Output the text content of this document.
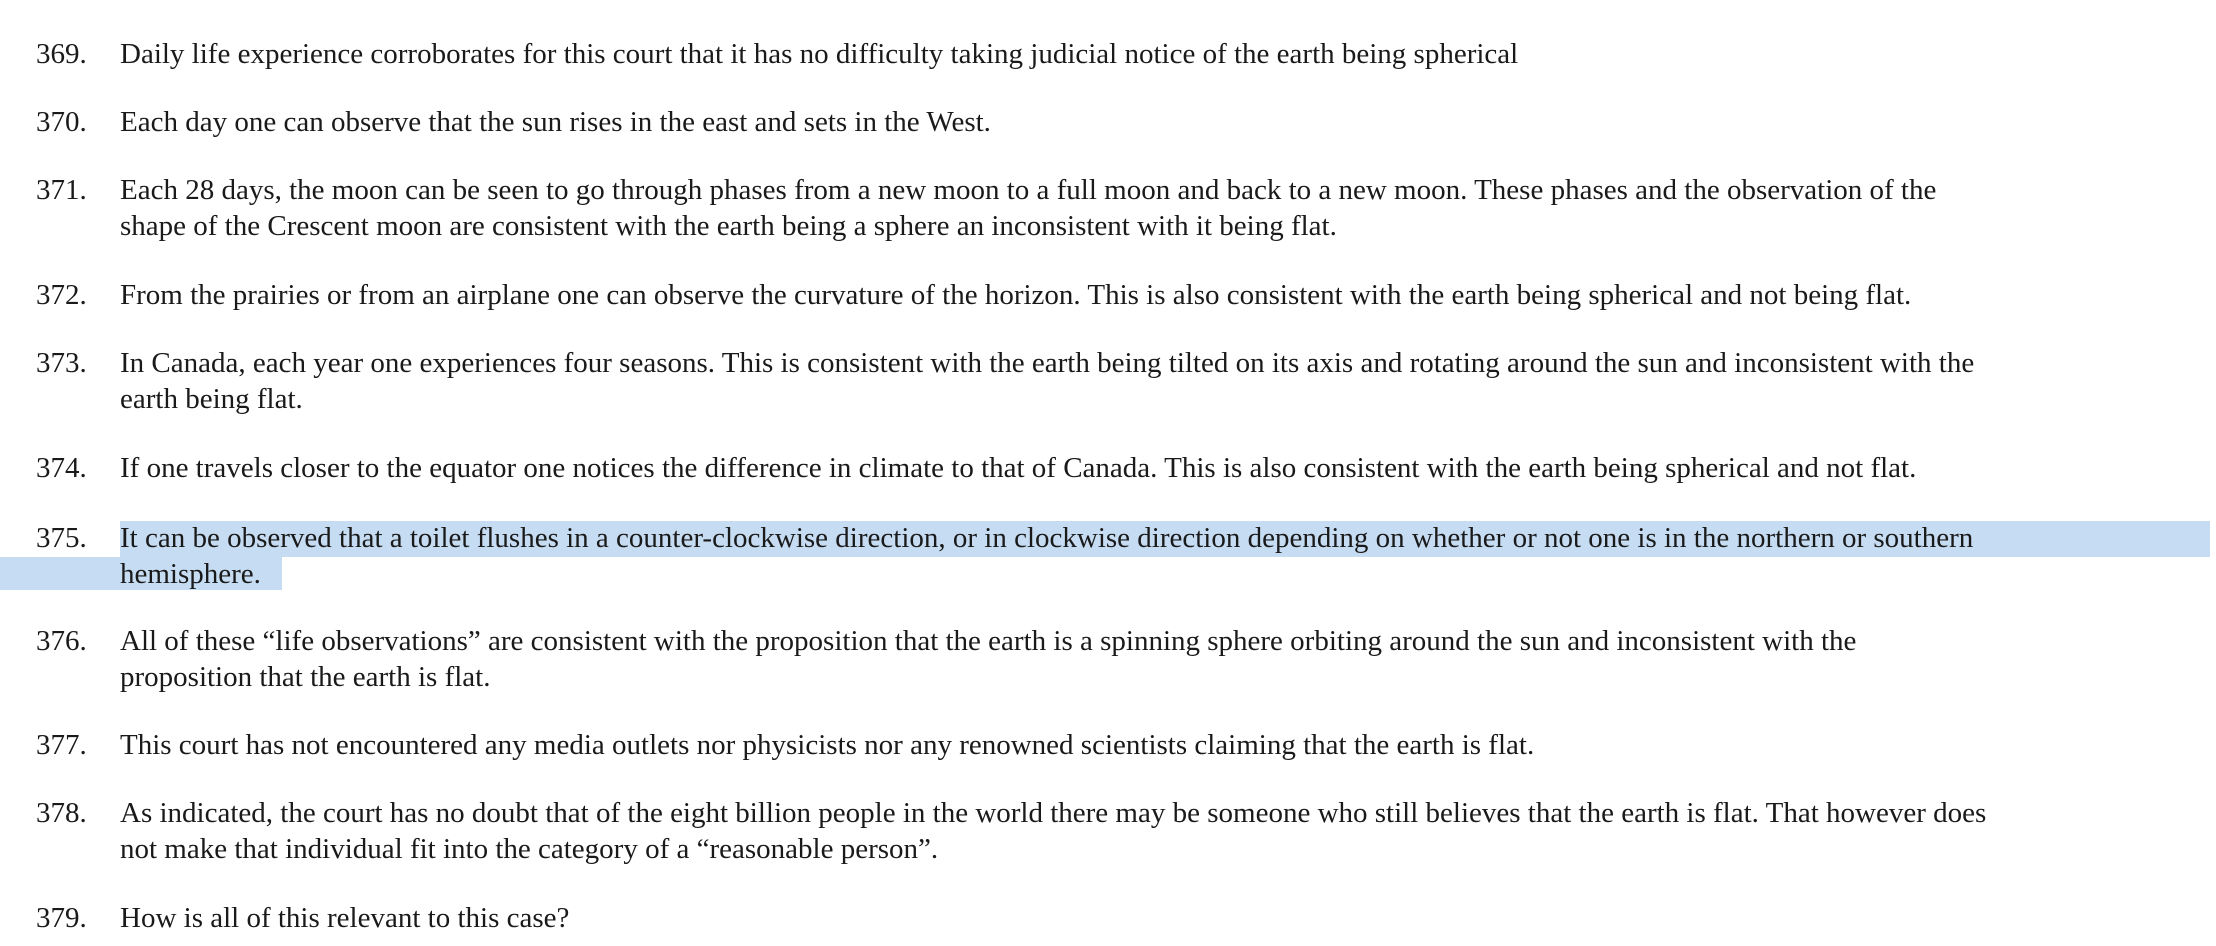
369.	Daily life experience corroborates for this court that it has no difficulty taking judicial notice of the earth being spherical
370.	Each day one can observe that the sun rises in the east and sets in the West.
371.	Each 28 days, the moon can be seen to go through phases from a new moon to a full moon and back to a new moon. These phases and the observation of the
shape of the Crescent moon are consistent with the earth being a sphere an inconsistent with it being flat.
372.	From the prairies or from an airplane one can observe the curvature of the horizon. This is also consistent with the earth being spherical and not being flat.
373.	In Canada, each year one experiences four seasons. This is consistent with the earth being tilted on its axis and rotating around the sun and inconsistent with the
earth being flat.
374.	If one travels closer to the equator one notices the difference in climate to that of Canada. This is also consistent with the earth being spherical and not flat.
375.	It can be observed that a toilet flushes in a counter-clockwise direction, or in clockwise direction depending on whether or not one is in the northern or southern
hemisphere.
376.	All of these “life observations” are consistent with the proposition that the earth is a spinning sphere orbiting around the sun and inconsistent with the
proposition that the earth is flat.
377.	This court has not encountered any media outlets nor physicists nor any renowned scientists claiming that the earth is flat.
378.	As indicated, the court has no doubt that of the eight billion people in the world there may be someone who still believes that the earth is flat. That however does
not make that individual fit into the category of a “reasonable person”.
379.	How is all of this relevant to this case?
